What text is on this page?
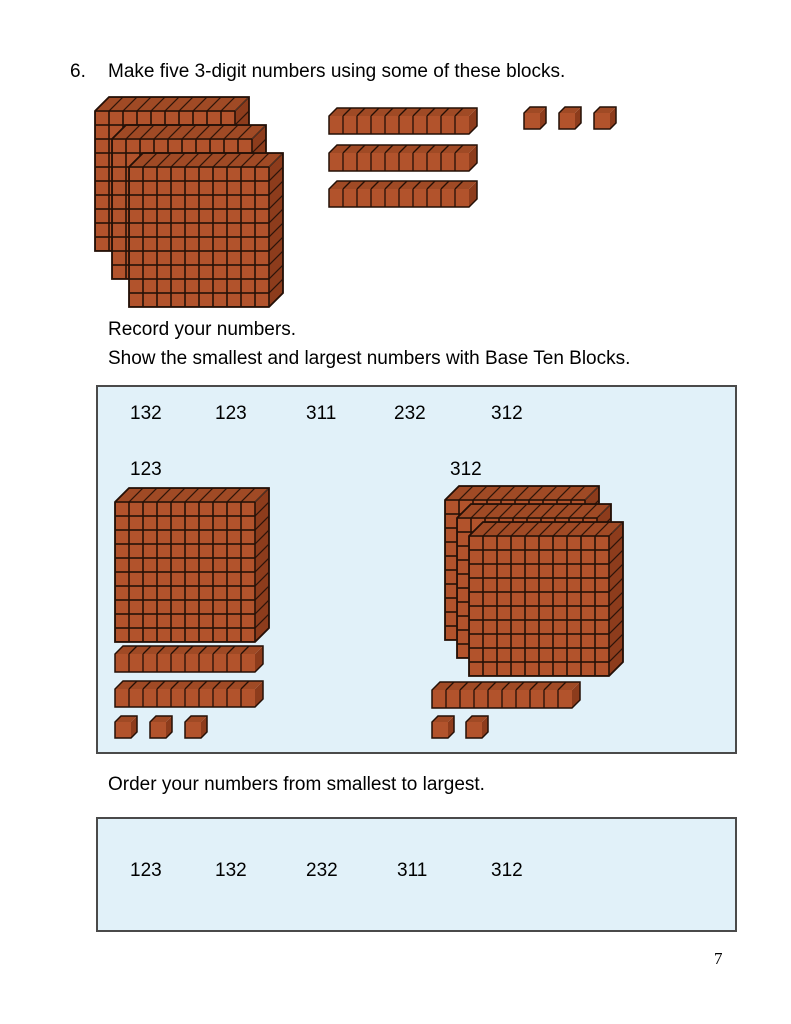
6. Make five 3-digit numbers using some of these blocks.
Record your numbers.
Show the smallest and largest numbers with Base Ten Blocks.
132	123	311	232	312
123	312
Order your numbers from smallest to largest.
123	132	232	311	312
7
